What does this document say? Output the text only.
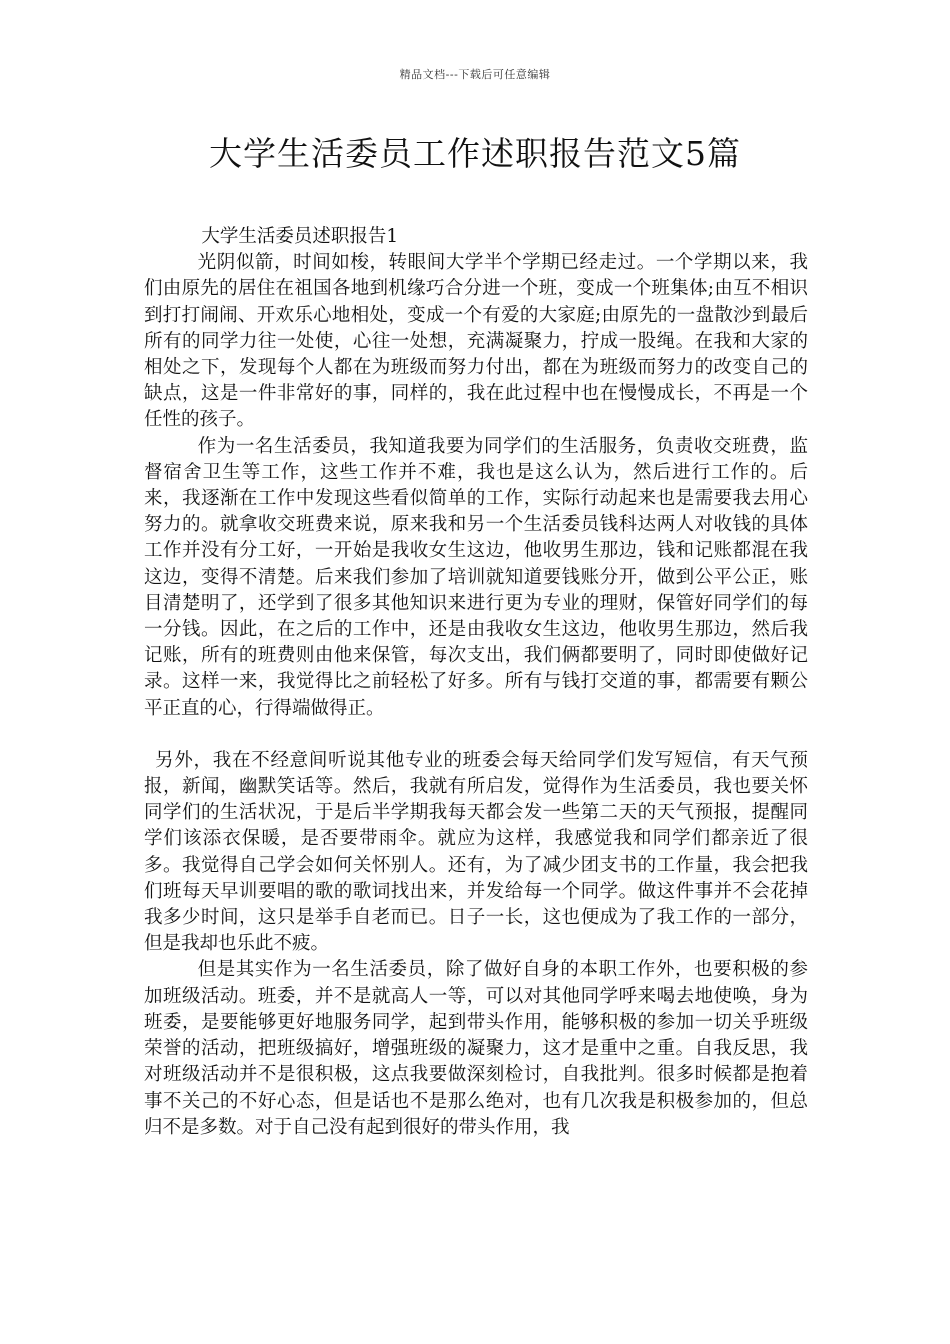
精品文档---下载后可任意编辑
大学生活委员工作述职报告范文5篇

大学生活委员述职报告1

光阴似箭，时间如梭，转眼间大学半个学期已经走过。一个学期以来，我们由原先的居住在祖国各地到机缘巧合分进一个班，变成一个班集体;由互不相识到打打闹闹、开欢乐心地相处，变成一个有爱的大家庭;由原先的一盘散沙到最后所有的同学力往一处使，心往一处想，充满凝聚力，拧成一股绳。在我和大家的相处之下，发现每个人都在为班级而努力付出，都在为班级而努力的改变自己的缺点，这是一件非常好的事，同样的，我在此过程中也在慢慢成长，不再是一个任性的孩子。

作为一名生活委员，我知道我要为同学们的生活服务，负责收交班费，监督宿舍卫生等工作，这些工作并不难，我也是这么认为，然后进行工作的。后来，我逐渐在工作中发现这些看似简单的工作，实际行动起来也是需要我去用心努力的。就拿收交班费来说，原来我和另一个生活委员钱科达两人对收钱的具体工作并没有分工好，一开始是我收女生这边，他收男生那边，钱和记账都混在我这边，变得不清楚。后来我们参加了培训就知道要钱账分开，做到公平公正，账目清楚明了，还学到了很多其他知识来进行更为专业的理财，保管好同学们的每一分钱。因此，在之后的工作中，还是由我收女生这边，他收男生那边，然后我记账，所有的班费则由他来保管，每次支出，我们俩都要明了，同时即使做好记录。这样一来，我觉得比之前轻松了好多。所有与钱打交道的事，都需要有颗公平正直的心，行得端做得正。

另外，我在不经意间听说其他专业的班委会每天给同学们发写短信，有天气预报，新闻，幽默笑话等。然后，我就有所启发，觉得作为生活委员，我也要关怀同学们的生活状况，于是后半学期我每天都会发一些第二天的天气预报，提醒同学们该添衣保暖，是否要带雨伞。就应为这样，我感觉我和同学们都亲近了很多。我觉得自己学会如何关怀别人。还有，为了减少团支书的工作量，我会把我们班每天早训要唱的歌的歌词找出来，并发给每一个同学。做这件事并不会花掉我多少时间，这只是举手自老而已。日子一长，这也便成为了我工作的一部分，但是我却也乐此不疲。

但是其实作为一名生活委员，除了做好自身的本职工作外，也要积极的参加班级活动。班委，并不是就高人一等，可以对其他同学呼来喝去地使唤，身为班委，是要能够更好地服务同学，起到带头作用，能够积极的参加一切关乎班级荣誉的活动，把班级搞好，增强班级的凝聚力，这才是重中之重。自我反思，我对班级活动并不是很积极，这点我要做深刻检讨，自我批判。很多时候都是抱着事不关己的不好心态，但是话也不是那么绝对，也有几次我是积极参加的，但总归不是多数。对于自己没有起到很好的带头作用，我
